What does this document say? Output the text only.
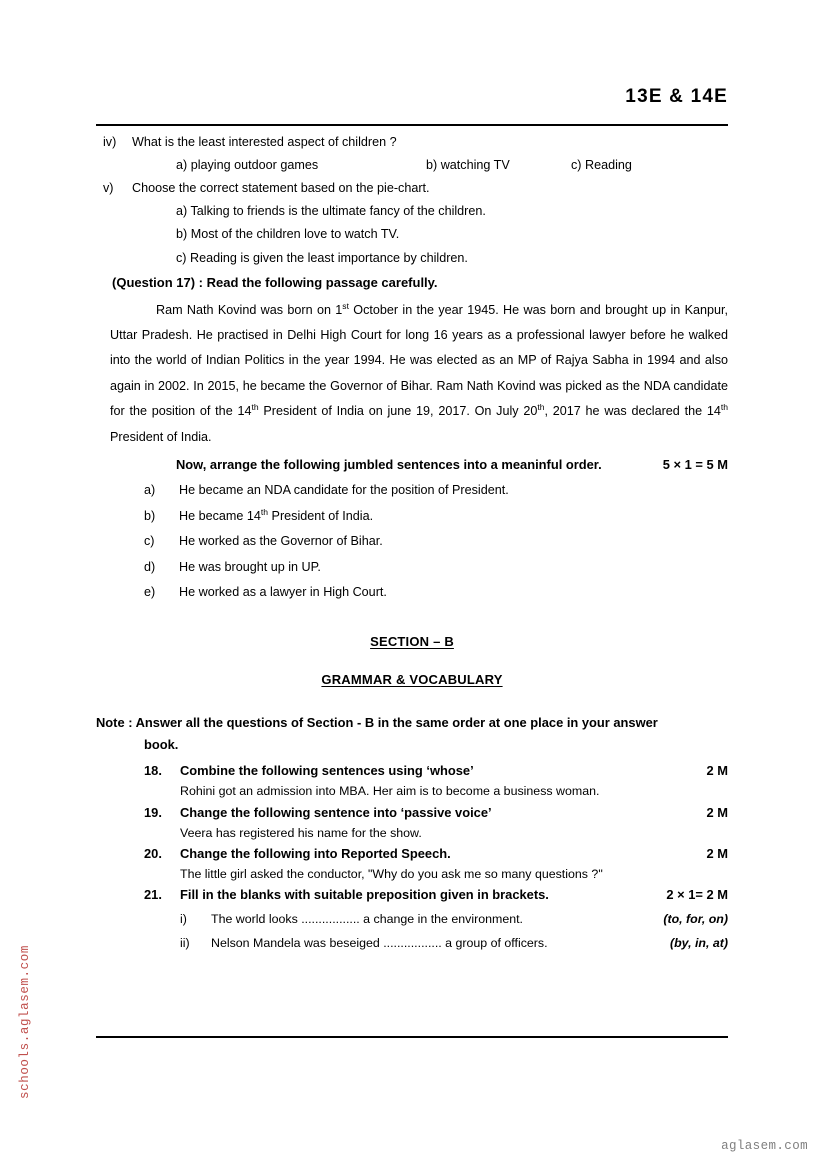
13E & 14E
iv)	What is the least interested aspect of children ?
a) playing outdoor games	b) watching TV	c) Reading
v)	Choose the correct statement based on the pie-chart.
a) Talking to friends is the ultimate fancy of the children.
b) Most of the children love to watch TV.
c) Reading is given the least importance by children.
(Question 17) : Read the following passage carefully.
Ram Nath Kovind was born on 1st October in the year 1945. He was born and brought up in Kanpur, Uttar Pradesh. He practised in Delhi High Court for long 16 years as a professional lawyer before he walked into the world of Indian Politics in the year 1994. He was elected as an MP of Rajya Sabha in 1994 and also again in 2002. In 2015, he became the Governor of Bihar. Ram Nath Kovind was picked as the NDA candidate for the position of the 14th President of India on june 19, 2017. On July 20th, 2017 he was declared the 14th President of India.
Now, arrange the following jumbled sentences into a meaninful order.	5 × 1 = 5 M
a)	He became an NDA candidate for the position of President.
b)	He became 14th President of India.
c)	He worked as the Governor of Bihar.
d)	He was brought up in UP.
e)	He worked as a lawyer in High Court.
SECTION – B
GRAMMAR & VOCABULARY
Note : Answer all the questions of Section - B in the same order at one place in your answer
book.
18.	Combine the following sentences using ‘whose’	2 M
Rohini got an admission into MBA. Her aim is to become a business woman.
19.	Change the following sentence into ‘passive voice’	2 M
Veera has registered his name for the show.
20.	Change the following into Reported Speech.	2 M
The little girl asked the conductor, "Why do you ask me so many questions ?"
21.	Fill in the blanks with suitable preposition given in brackets.	2 × 1= 2 M
i)	The world looks ................. a change in the environment.	(to, for, on)
ii)	Nelson Mandela was beseiged ................. a group of officers.	(by, in, at)
schools.aglasem.com
aglasem.com
